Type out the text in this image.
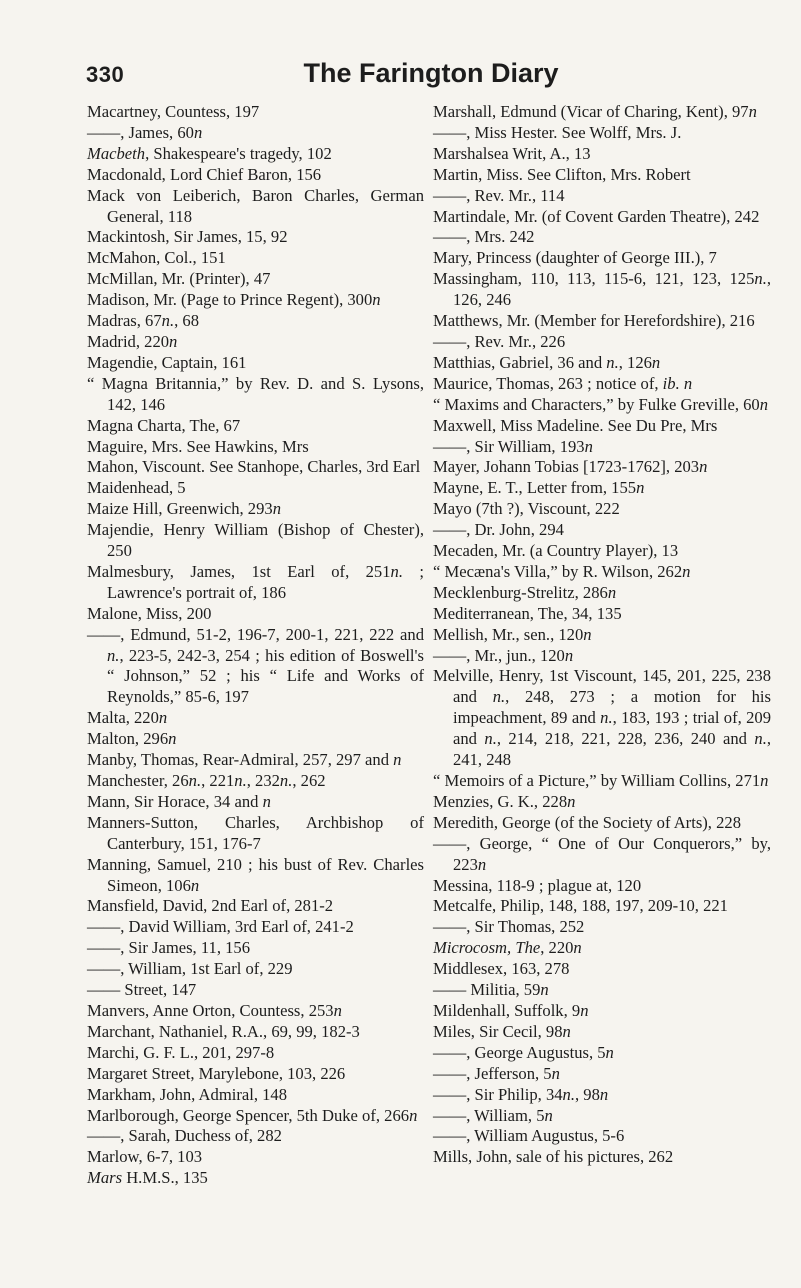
330	The Farington Diary
Macartney, Countess, 197
——, James, 60n
Macbeth, Shakespeare's tragedy, 102
Macdonald, Lord Chief Baron, 156
Mack von Leiberich, Baron Charles, German General, 118
Mackintosh, Sir James, 15, 92
McMahon, Col., 151
McMillan, Mr. (Printer), 47
Madison, Mr. (Page to Prince Regent), 300n
Madras, 67n., 68
Madrid, 220n
Magendie, Captain, 161
“ Magna Britannia,” by Rev. D. and S. Lysons, 142, 146
Magna Charta, The, 67
Maguire, Mrs. See Hawkins, Mrs
Mahon, Viscount. See Stanhope, Charles, 3rd Earl
Maidenhead, 5
Maize Hill, Greenwich, 293n
Majendie, Henry William (Bishop of Chester), 250
Malmesbury, James, 1st Earl of, 251n. ; Lawrence's portrait of, 186
Malone, Miss, 200
——, Edmund, 51-2, 196-7, 200-1, 221, 222 and n., 223-5, 242-3, 254 ; his edition of Boswell's “ Johnson,” 52 ; his “ Life and Works of Reynolds,” 85-6, 197
Malta, 220n
Malton, 296n
Manby, Thomas, Rear-Admiral, 257, 297 and n
Manchester, 26n., 221n., 232n., 262
Mann, Sir Horace, 34 and n
Manners-Sutton, Charles, Archbishop of Canterbury, 151, 176-7
Manning, Samuel, 210 ; his bust of Rev. Charles Simeon, 106n
Mansfield, David, 2nd Earl of, 281-2
——, David William, 3rd Earl of, 241-2
——, Sir James, 11, 156
——, William, 1st Earl of, 229
—— Street, 147
Manvers, Anne Orton, Countess, 253n
Marchant, Nathaniel, R.A., 69, 99, 182-3
Marchi, G. F. L., 201, 297-8
Margaret Street, Marylebone, 103, 226
Markham, John, Admiral, 148
Marlborough, George Spencer, 5th Duke of, 266n
——, Sarah, Duchess of, 282
Marlow, 6-7, 103
Mars H.M.S., 135
Marshall, Edmund (Vicar of Charing, Kent), 97n
——, Miss Hester. See Wolff, Mrs. J.
Marshalsea Writ, A., 13
Martin, Miss. See Clifton, Mrs. Robert
——, Rev. Mr., 114
Martindale, Mr. (of Covent Garden Theatre), 242
——, Mrs. 242
Mary, Princess (daughter of George III.), 7
Massingham, 110, 113, 115-6, 121, 123, 125n., 126, 246
Matthews, Mr. (Member for Herefordshire), 216
——, Rev. Mr., 226
Matthias, Gabriel, 36 and n., 126n
Maurice, Thomas, 263 ; notice of, ib. n
“ Maxims and Characters,” by Fulke Greville, 60n
Maxwell, Miss Madeline. See Du Pre, Mrs
——, Sir William, 193n
Mayer, Johann Tobias [1723-1762], 203n
Mayne, E. T., Letter from, 155n
Mayo (7th ?), Viscount, 222
——, Dr. John, 294
Mecaden, Mr. (a Country Player), 13
“ Mecæna's Villa,” by R. Wilson, 262n
Mecklenburg-Strelitz, 286n
Mediterranean, The, 34, 135
Mellish, Mr., sen., 120n
——, Mr., jun., 120n
Melville, Henry, 1st Viscount, 145, 201, 225, 238 and n., 248, 273 ; a motion for his impeachment, 89 and n., 183, 193 ; trial of, 209 and n., 214, 218, 221, 228, 236, 240 and n., 241, 248
“ Memoirs of a Picture,” by William Collins, 271n
Menzies, G. K., 228n
Meredith, George (of the Society of Arts), 228
——, George, “ One of Our Conquerors,” by, 223n
Messina, 118-9 ; plague at, 120
Metcalfe, Philip, 148, 188, 197, 209-10, 221
——, Sir Thomas, 252
Microcosm, The, 220n
Middlesex, 163, 278
—— Militia, 59n
Mildenhall, Suffolk, 9n
Miles, Sir Cecil, 98n
——, George Augustus, 5n
——, Jefferson, 5n
——, Sir Philip, 34n., 98n
——, William, 5n
——, William Augustus, 5-6
Mills, John, sale of his pictures, 262
